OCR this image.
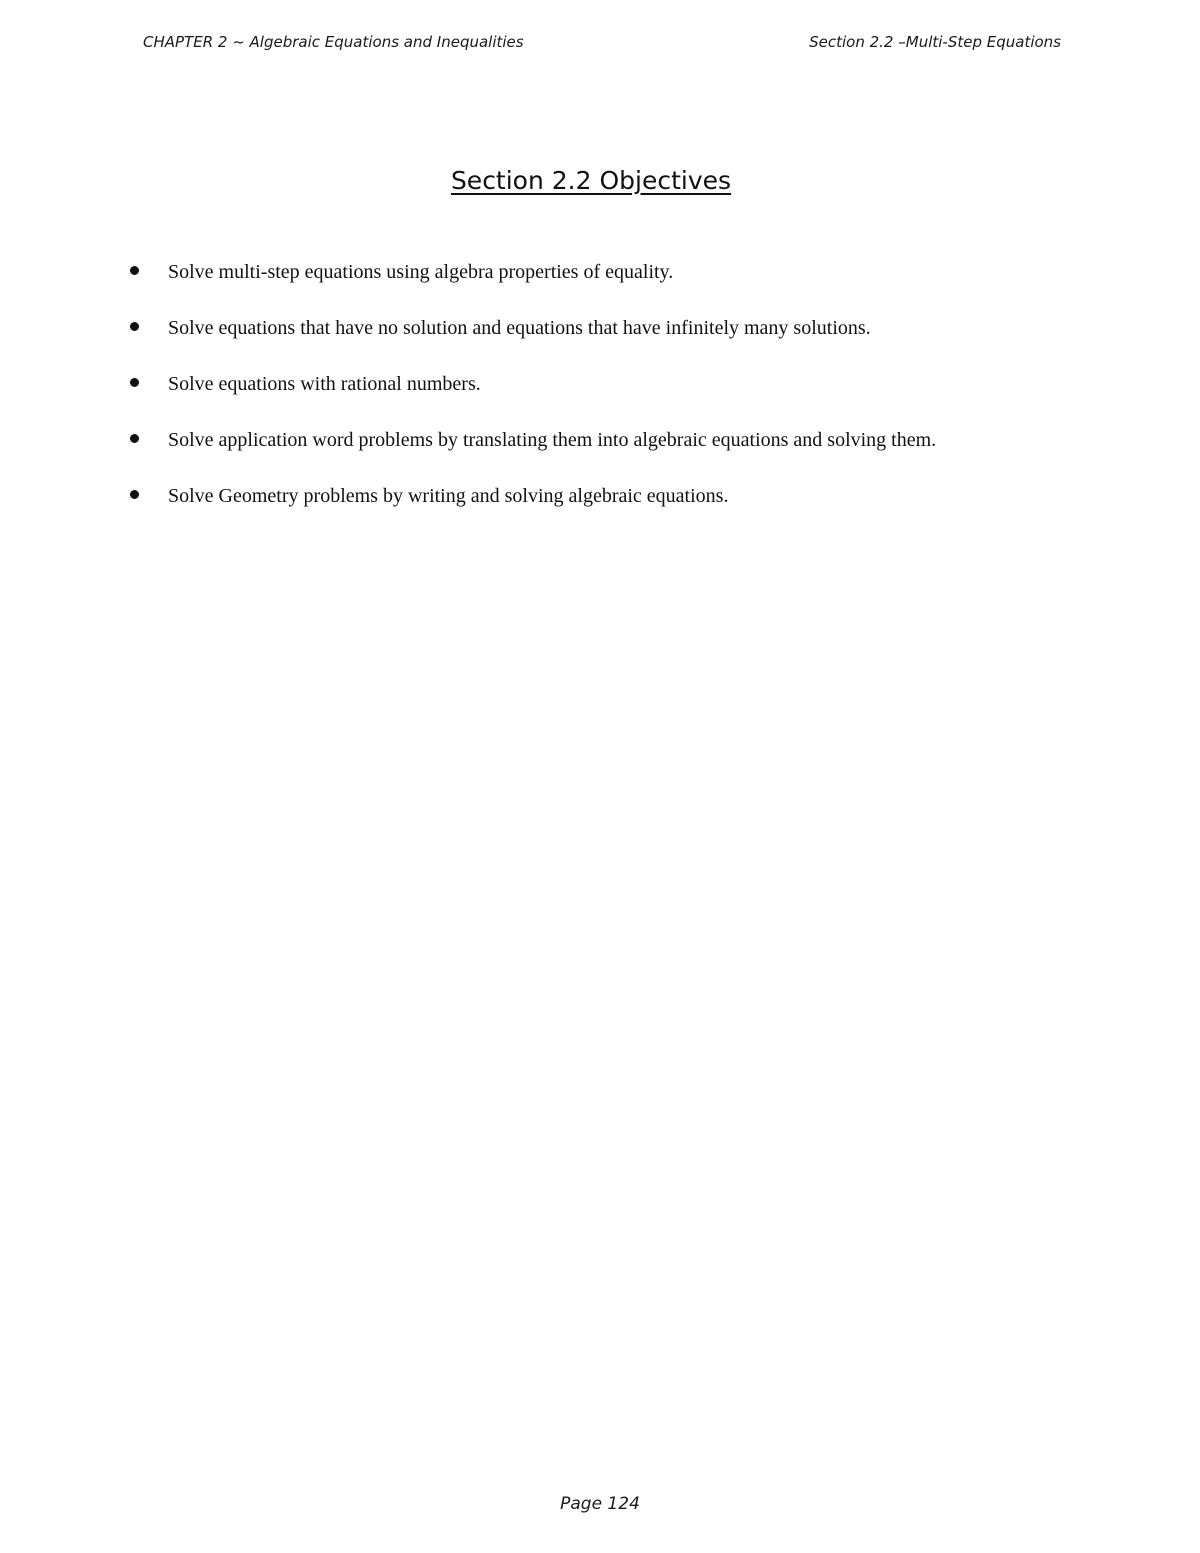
CHAPTER 2 ~ Algebraic Equations and Inequalities	Section 2.2 –Multi-Step Equations
Section 2.2 Objectives
Solve multi-step equations using algebra properties of equality.
Solve equations that have no solution and equations that have infinitely many solutions.
Solve equations with rational numbers.
Solve application word problems by translating them into algebraic equations and solving them.
Solve Geometry problems by writing and solving algebraic equations.
Page 124
